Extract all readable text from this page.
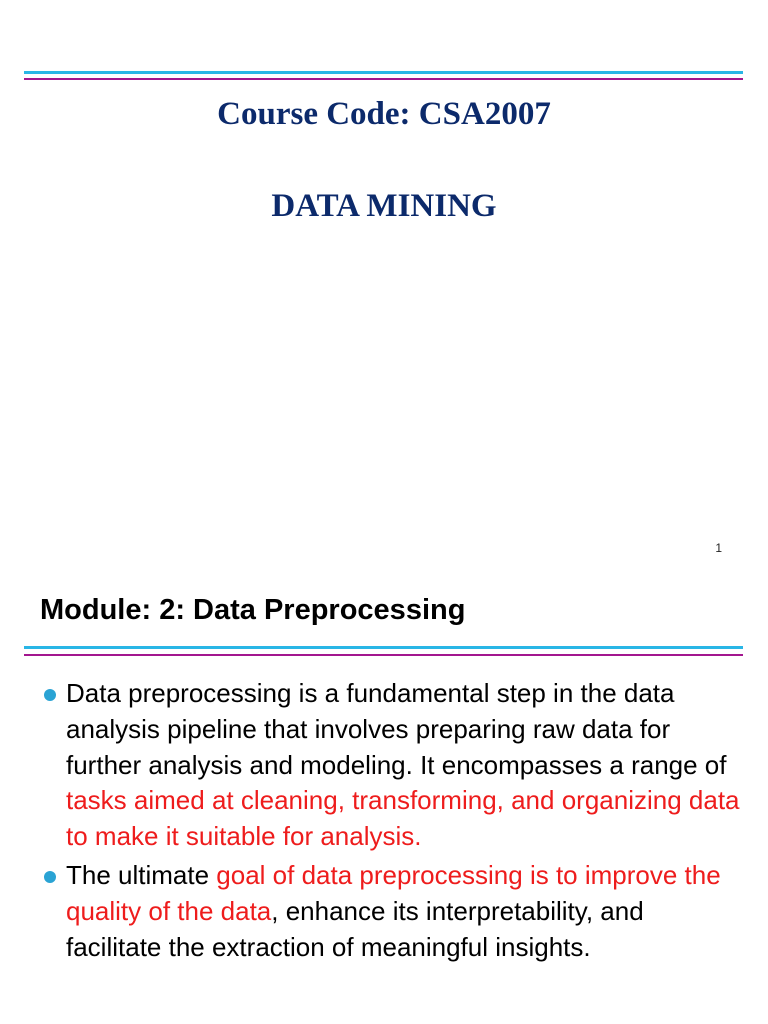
Course Code: CSA2007
DATA MINING
1
Module: 2: Data Preprocessing
Data preprocessing is a fundamental step in the data analysis pipeline that involves preparing raw data for further analysis and modeling. It encompasses a range of tasks aimed at cleaning, transforming, and organizing data to make it suitable for analysis.
The ultimate goal of data preprocessing is to improve the quality of the data, enhance its interpretability, and facilitate the extraction of meaningful insights.
